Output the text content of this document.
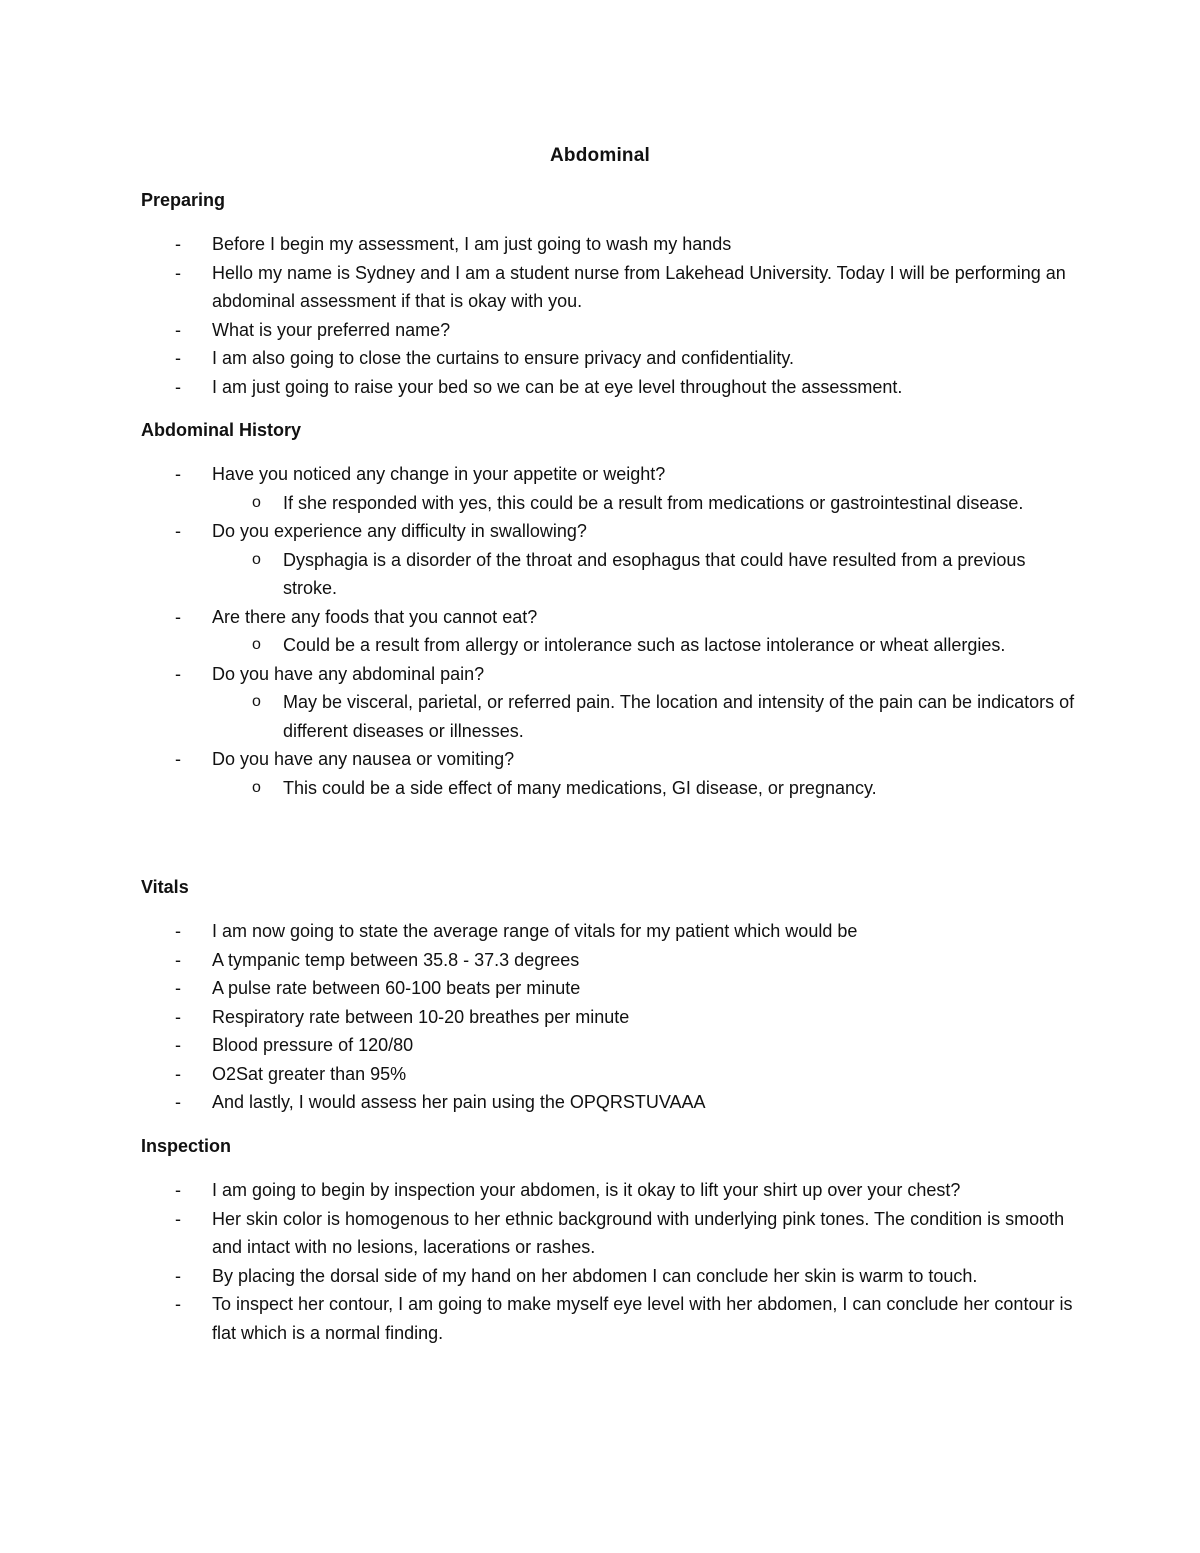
Abdominal
Preparing
- Before I begin my assessment, I am just going to wash my hands
- Hello my name is Sydney and I am a student nurse from Lakehead University. Today I will be performing an abdominal assessment if that is okay with you.
- What is your preferred name?
- I am also going to close the curtains to ensure privacy and confidentiality.
- I am just going to raise your bed so we can be at eye level throughout the assessment.
Abdominal History
- Have you noticed any change in your appetite or weight?
o If she responded with yes, this could be a result from medications or gastrointestinal disease.
- Do you experience any difficulty in swallowing?
o Dysphagia is a disorder of the throat and esophagus that could have resulted from a previous stroke.
- Are there any foods that you cannot eat?
o Could be a result from allergy or intolerance such as lactose intolerance or wheat allergies.
- Do you have any abdominal pain?
o May be visceral, parietal, or referred pain. The location and intensity of the pain can be indicators of different diseases or illnesses.
- Do you have any nausea or vomiting?
o This could be a side effect of many medications, GI disease, or pregnancy.
Vitals
- I am now going to state the average range of vitals for my patient which would be
- A tympanic temp between 35.8 - 37.3 degrees
- A pulse rate between 60-100 beats per minute
- Respiratory rate between 10-20 breathes per minute
- Blood pressure of 120/80
- O2Sat greater than 95%
- And lastly, I would assess her pain using the OPQRSTUVAAA
Inspection
- I am going to begin by inspection your abdomen, is it okay to lift your shirt up over your chest?
- Her skin color is homogenous to her ethnic background with underlying pink tones. The condition is smooth and intact with no lesions, lacerations or rashes.
- By placing the dorsal side of my hand on her abdomen I can conclude her skin is warm to touch.
- To inspect her contour, I am going to make myself eye level with her abdomen, I can conclude her contour is flat which is a normal finding.
